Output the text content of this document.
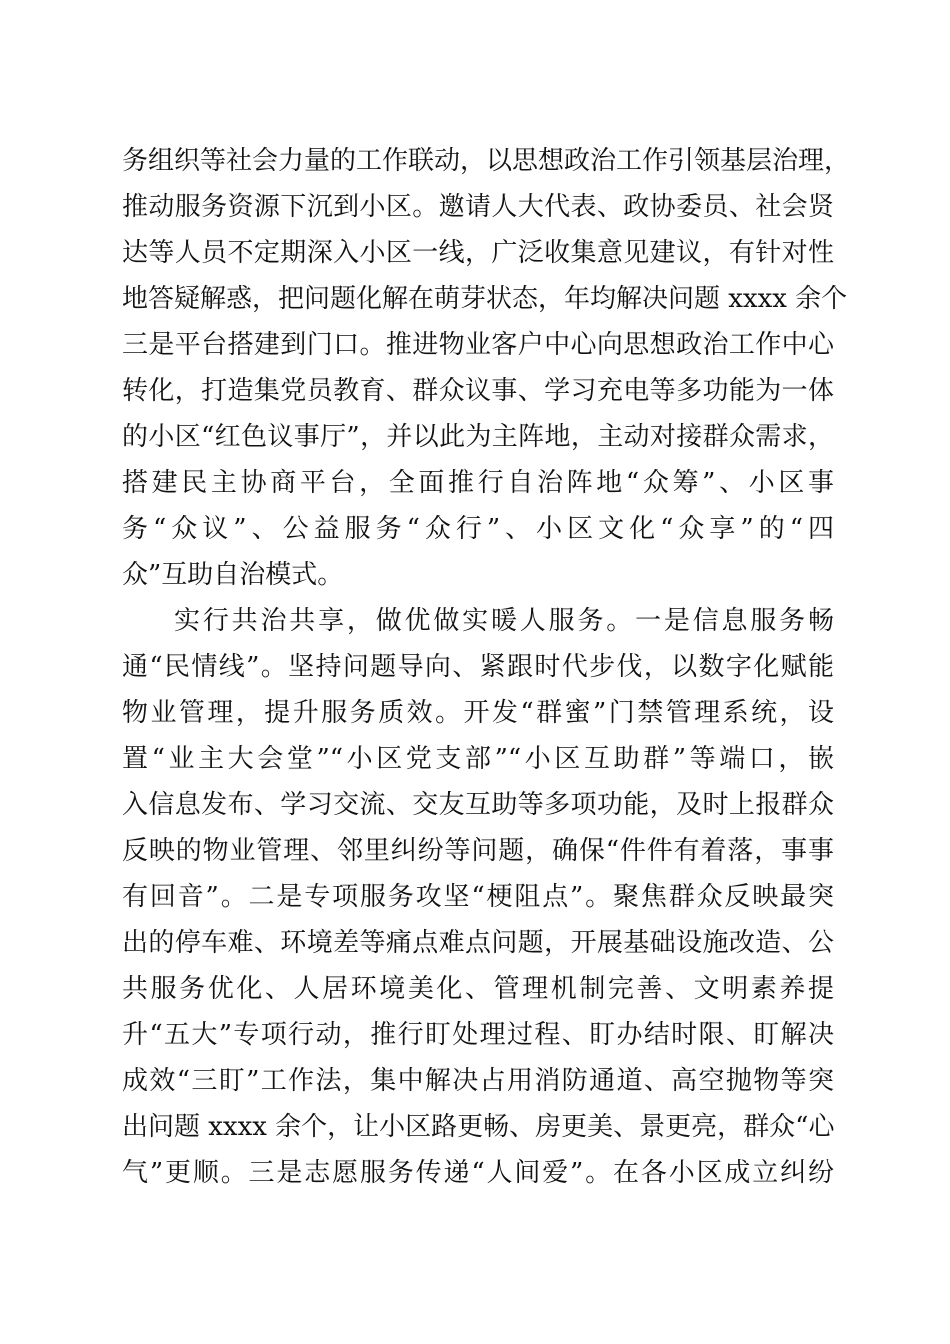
务组织等社会力量的工作联动，以思想政治工作引领基层治理，
推动服务资源下沉到小区。邀请人大代表、政协委员、社会贤
达等人员不定期深入小区一线，广泛收集意见建议，有针对性
地答疑解惑，把问题化解在萌芽状态，年均解决问题 xxxx 余个
三是平台搭建到门口。推进物业客户中心向思想政治工作中心
转化，打造集党员教育、群众议事、学习充电等多功能为一体
的小区“红色议事厅”，并以此为主阵地，主动对接群众需求，
搭建民主协商平台，全面推行自治阵地“众筹”、小区事
务“众议”、公益服务“众行”、小区文化“众享”的“四
众”互助自治模式。
实行共治共享，做优做实暖人服务。一是信息服务畅
通“民情线”。坚持问题导向、紧跟时代步伐，以数字化赋能
物业管理，提升服务质效。开发“群蜜”门禁管理系统，设
置“业主大会堂”“小区党支部”“小区互助群”等端口，嵌
入信息发布、学习交流、交友互助等多项功能，及时上报群众
反映的物业管理、邻里纠纷等问题，确保“件件有着落，事事
有回音”。二是专项服务攻坚“梗阻点”。聚焦群众反映最突
出的停车难、环境差等痛点难点问题，开展基础设施改造、公
共服务优化、人居环境美化、管理机制完善、文明素养提
升“五大”专项行动，推行盯处理过程、盯办结时限、盯解决
成效“三盯”工作法，集中解决占用消防通道、高空抛物等突
出问题 xxxx 余个，让小区路更畅、房更美、景更亮，群众“心
气”更顺。三是志愿服务传递“人间爱”。在各小区成立纠纷
